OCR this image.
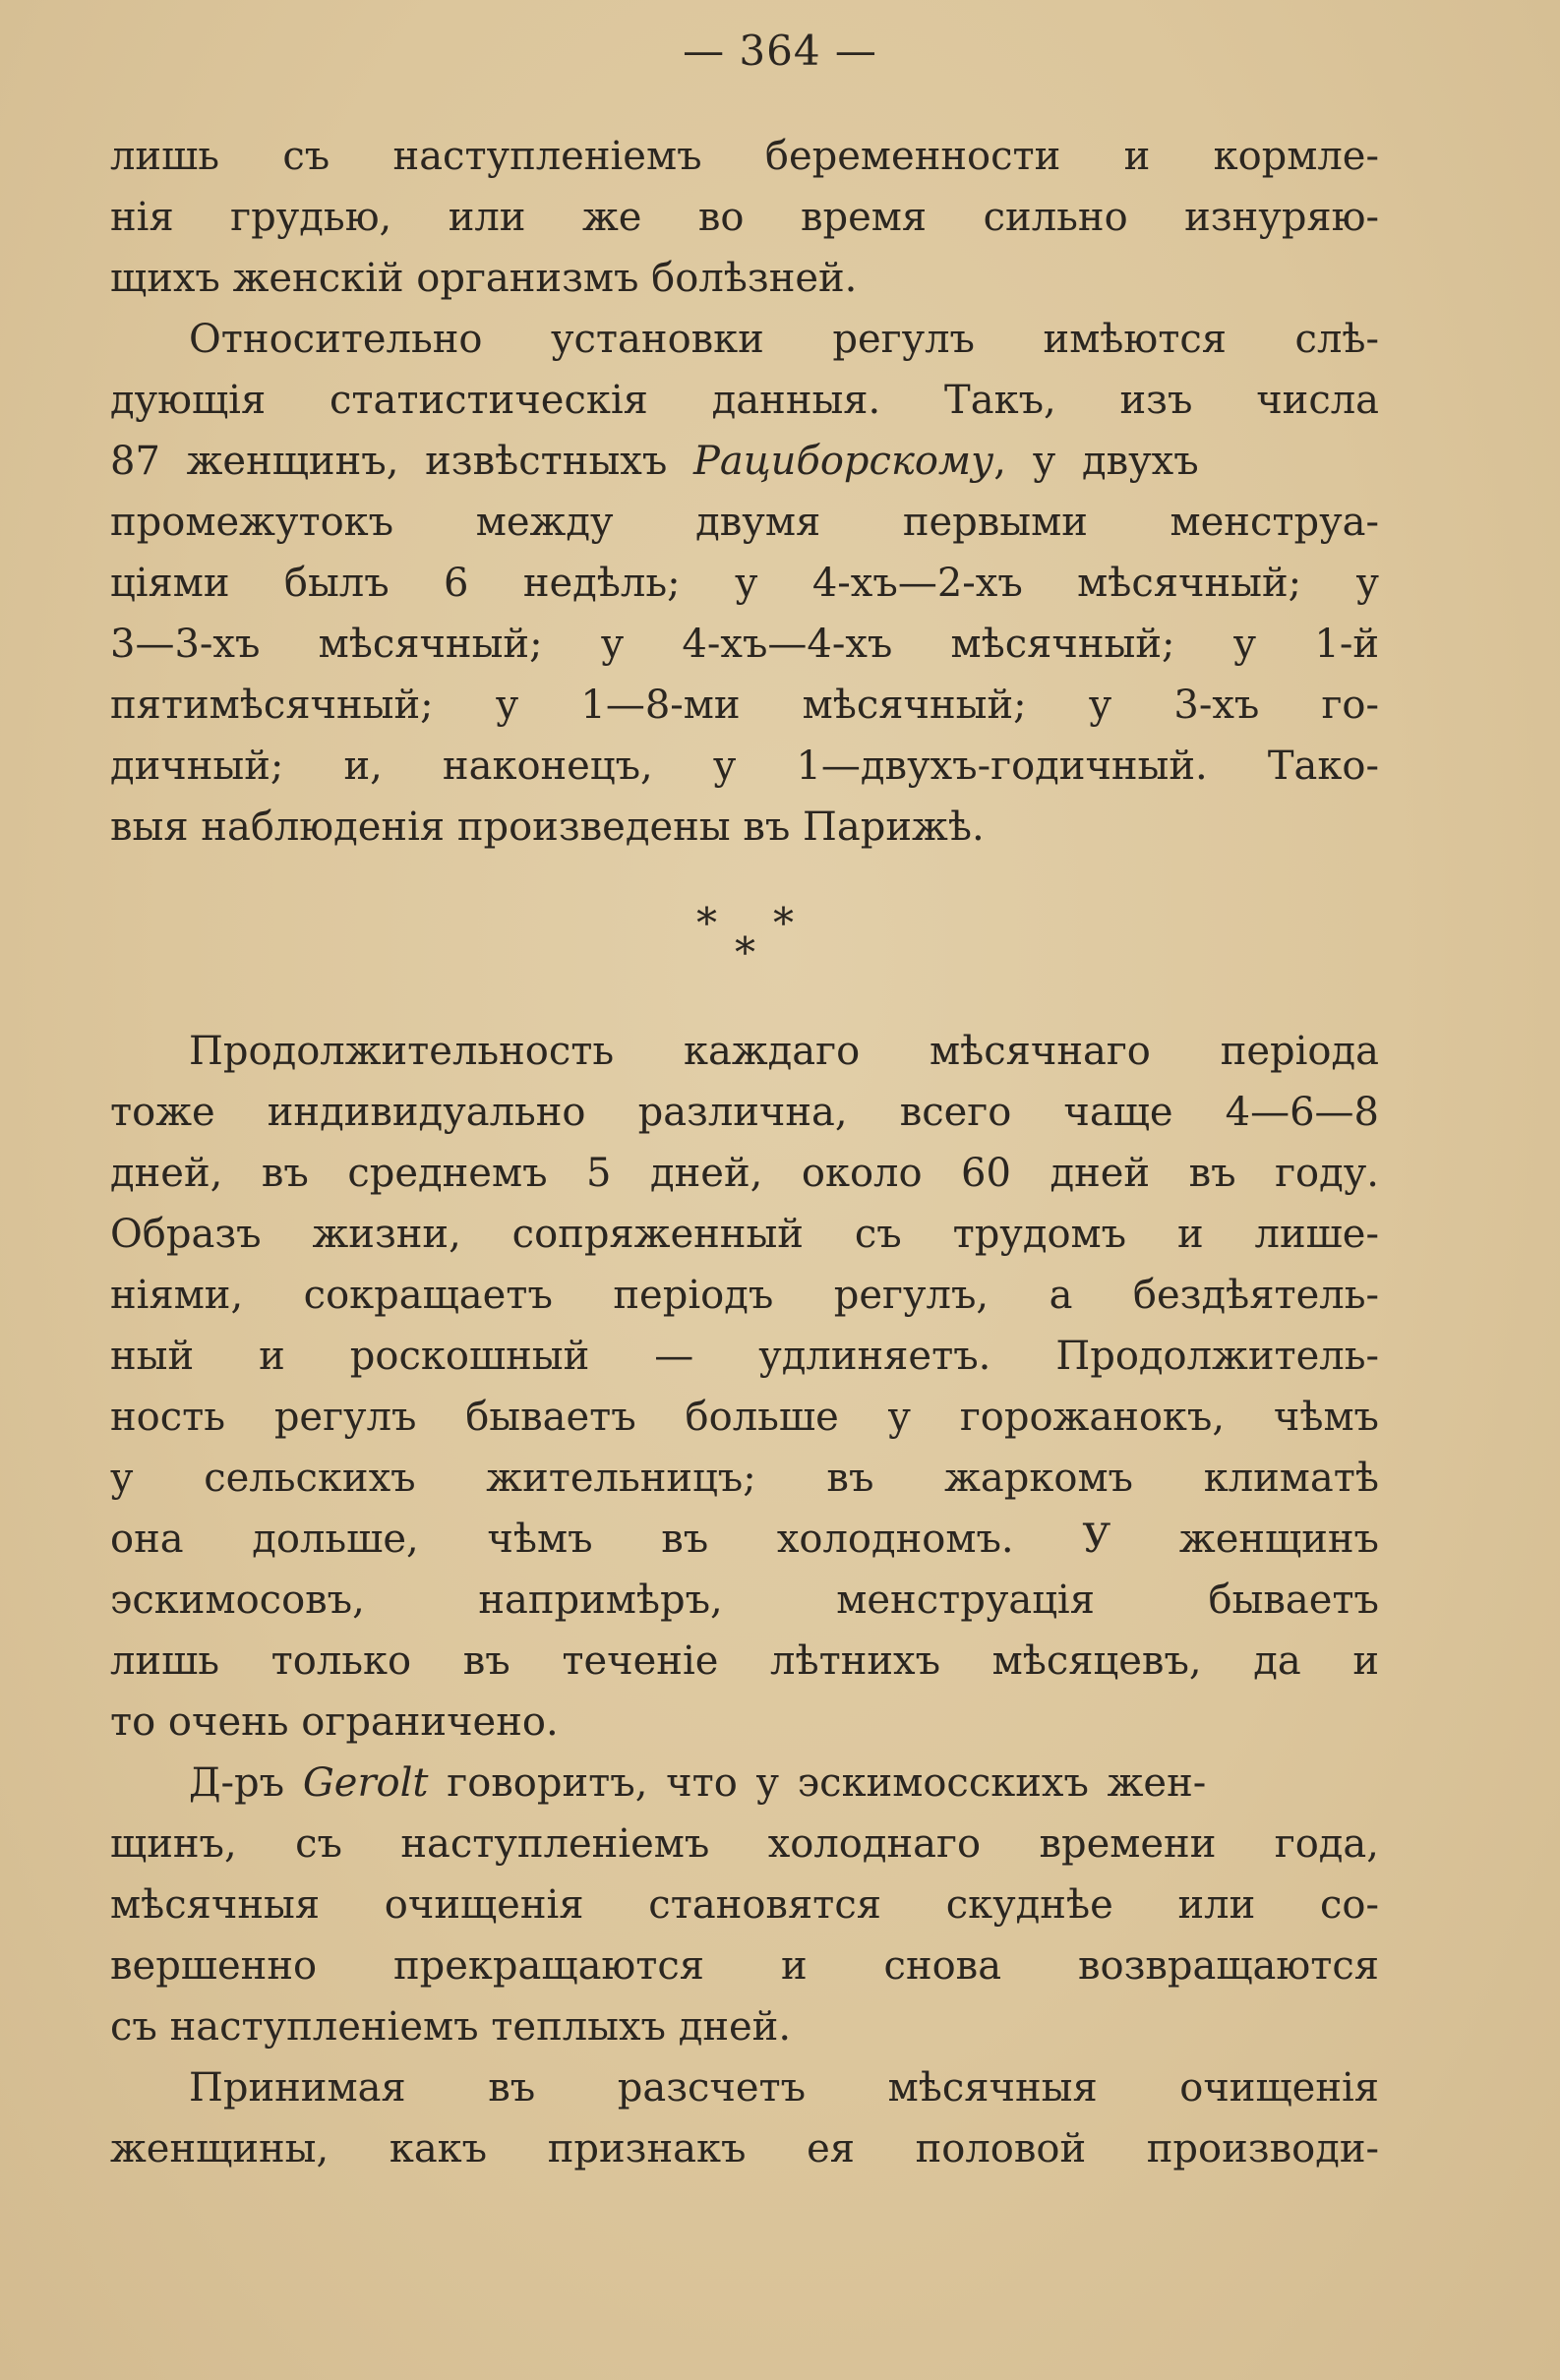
— 364 —
лишь съ наступленіемъ беременности и кормле-
нія грудью, или же во время сильно изнуряю-
щихъ женскій организмъ болѣзней.
Относительно установки регулъ имѣются слѣ-
дующія статистическія данныя. Такъ, изъ числа
87 женщинъ, извѣстныхъ Рациборскому, у двухъ
промежутокъ между двумя первыми менструа-
ціями былъ 6 недѣль; у 4-хъ—2-хъ мѣсячный; у
3—3-хъ мѣсячный; у 4-хъ—4-хъ мѣсячный; у 1-й
пятимѣсячный; у 1—8-ми мѣсячный; у 3-хъ го-
дичный; и, наконецъ, у 1—двухъ-годичный. Тако-
выя наблюденія произведены въ Парижѣ.
* *
*
Продолжительность каждаго мѣсячнаго періода
тоже индивидуально различна, всего чаще 4—6—8
дней, въ среднемъ 5 дней, около 60 дней въ году.
Образъ жизни, сопряженный съ трудомъ и лише-
ніями, сокращаетъ періодъ регулъ, а бездѣятель-
ный и роскошный — удлиняетъ. Продолжитель-
ность регулъ бываетъ больше у горожанокъ, чѣмъ
у сельскихъ жительницъ; въ жаркомъ климатѣ
она дольше, чѣмъ въ холодномъ. У женщинъ
эскимосовъ, напримѣръ, менструація бываетъ
лишь только въ теченіе лѣтнихъ мѣсяцевъ, да и
то очень ограничено.
Д-ръ Gerolt говоритъ, что у эскимосскихъ жен-
щинъ, съ наступленіемъ холоднаго времени года,
мѣсячныя очищенія становятся скуднѣе или со-
вершенно прекращаются и снова возвращаются
съ наступленіемъ теплыхъ дней.
Принимая въ разсчетъ мѣсячныя очищенія
женщины, какъ признакъ ея половой производи-
